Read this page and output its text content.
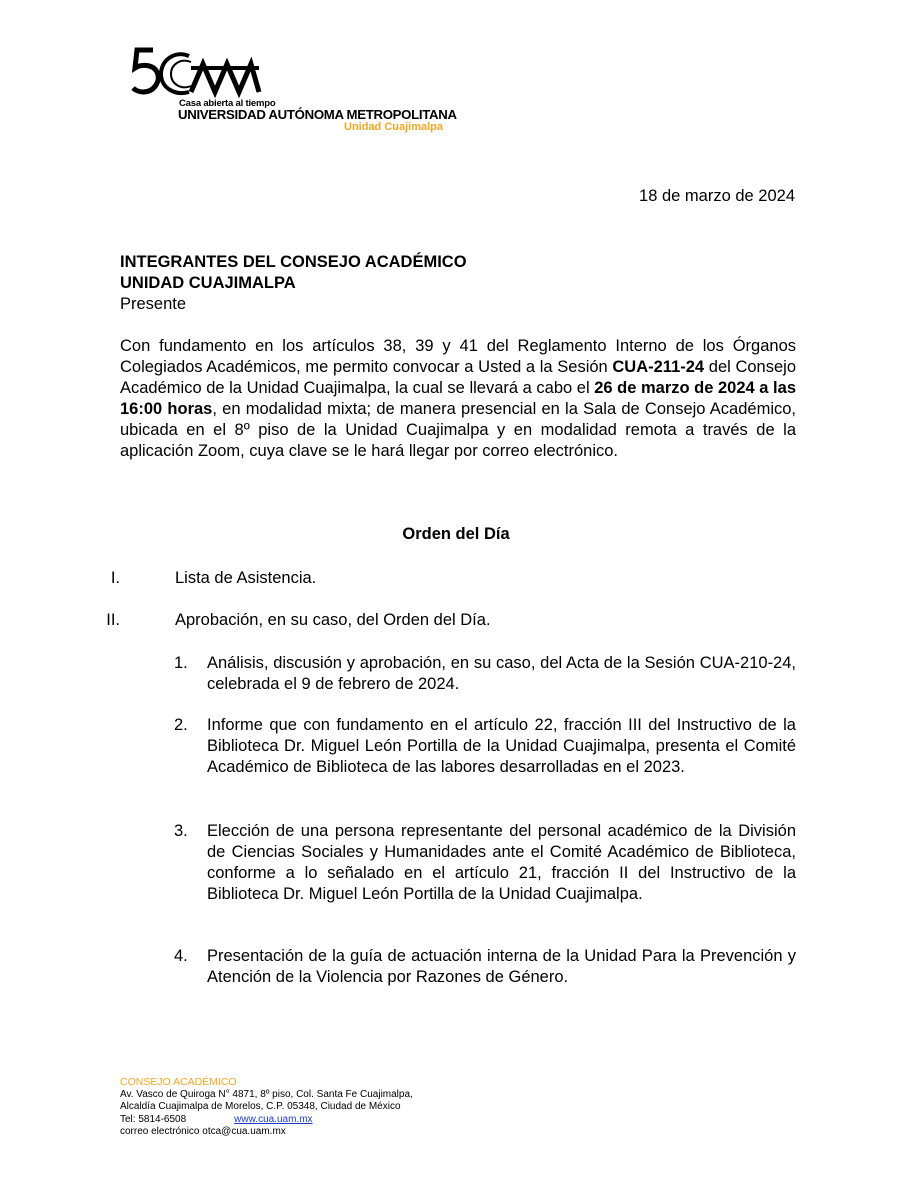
Casa abierta al tiempo
UNIVERSIDAD AUTÓNOMA METROPOLITANA
Unidad Cuajimalpa
18 de marzo de 2024
INTEGRANTES DEL CONSEJO ACADÉMICO
UNIDAD CUAJIMALPA
Presente
Con fundamento en los artículos 38, 39 y 41 del Reglamento Interno de los Órganos Colegiados Académicos, me permito convocar a Usted a la Sesión CUA-211-24 del Consejo Académico de la Unidad Cuajimalpa, la cual se llevará a cabo el 26 de marzo de 2024 a las 16:00 horas, en modalidad mixta; de manera presencial en la Sala de Consejo Académico, ubicada en el 8º piso de la Unidad Cuajimalpa y en modalidad remota a través de la aplicación Zoom, cuya clave se le hará llegar por correo electrónico.
Orden del Día
I.	Lista de Asistencia.
II.	Aprobación, en su caso, del Orden del Día.
1. Análisis, discusión y aprobación, en su caso, del Acta de la Sesión CUA-210-24, celebrada el 9 de febrero de 2024.
2. Informe que con fundamento en el artículo 22, fracción III del Instructivo de la Biblioteca Dr. Miguel León Portilla de la Unidad Cuajimalpa, presenta el Comité Académico de Biblioteca de las labores desarrolladas en el 2023.
3. Elección de una persona representante del personal académico de la División de Ciencias Sociales y Humanidades ante el Comité Académico de Biblioteca, conforme a lo señalado en el artículo 21, fracción II del Instructivo de la Biblioteca Dr. Miguel León Portilla de la Unidad Cuajimalpa.
4. Presentación de la guía de actuación interna de la Unidad Para la Prevención y Atención de la Violencia por Razones de Género.
CONSEJO ACADÉMICO
Av. Vasco de Quiroga N° 4871, 8º piso, Col. Santa Fe Cuajimalpa,
Alcaldía Cuajimalpa de Morelos, C.P. 05348, Ciudad de México
Tel: 5814-6508	www.cua.uam.mx
correo electrónico otca@cua.uam.mx
